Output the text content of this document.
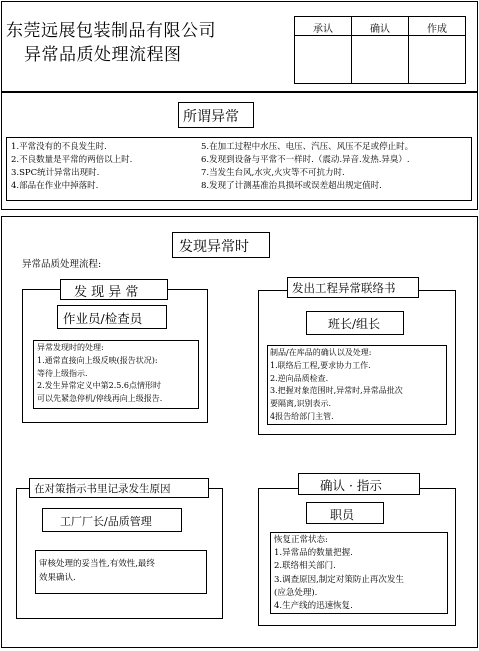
东莞远展包装制品有限公司
异常品质处理流程图
承认	确认	作成

所谓异常
1.平常没有的不良发生时.
2.不良数量是平常的两倍以上时.
3.SPC统计异常出现时.
4.部品在作业中掉落时.
5.在加工过程中水压、电压、汽压、风压不足或停止时。
6.发现到设备与平常不一样时.（震动.异音.发热.异臭）.
7.当发生台风,水灾,火灾等不可抗力时.
8.发现了计测基准治具损坏或误差超出规定值时.
发现异常时
异常品质处理流程:
发 现 异 常
作业员/检查员
异常发现时的处理:
1.通常直接向上级反映(报告状况):
等待上级指示.
2.发生异常定义中第2.5.6点情形时
可以先紧急停机/停线再向上级报告.
发出工程异常联络书
班长/组长
制品/在库品的确认以及处理:
1.联络后工程,要求协力工作.
2.逆向品质检查.
3.把握对象范围时,异常时,异常品批次
要隔离,识别表示.
4报告给部门主管.
在对策指示书里记录发生原因
工厂厂长/品质管理
审核处理的妥当性,有效性,最终
效果确认.
确认 · 指示
职员
恢复正常状态:
1.异常品的数量把握.
2.联络相关部门.
3.调查原因,制定对策防止再次发生
(应急处理).
4.生产线的迅速恢复.
